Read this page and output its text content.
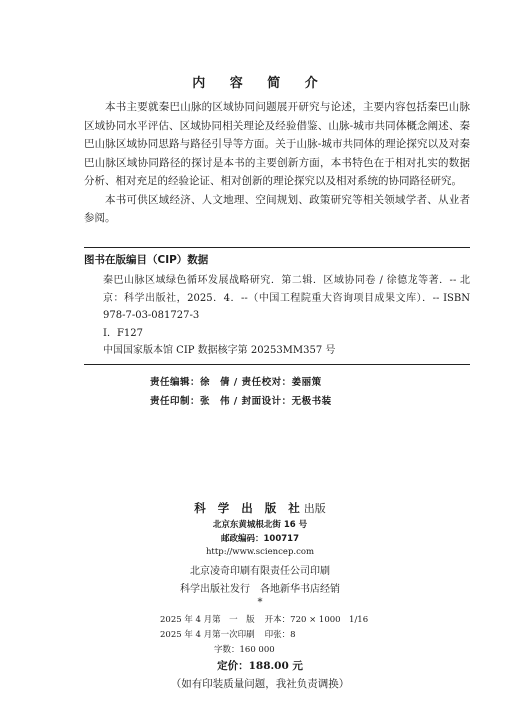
内 容 简 介

本书主要就秦巴山脉的区域协同问题展开研究与论述，主要内容包括秦巴山脉区域协同水平评估、区域协同相关理论及经验借鉴、山脉-城市共同体概念阐述、秦巴山脉区域协同思路与路径引导等方面。关于山脉-城市共同体的理论探究以及对秦巴山脉区域协同路径的探讨是本书的主要创新方面，本书特色在于相对扎实的数据分析、相对充足的经验论证、相对创新的理论探究以及相对系统的协同路径研究。

本书可供区域经济、人文地理、空间规划、政策研究等相关领域学者、从业者参阅。

图书在版编目（CIP）数据
秦巴山脉区域绿色循环发展战略研究．第二辑．区域协同卷 / 徐德龙等著．-- 北京：科学出版社，2025．4．--（中国工程院重大咨询项目成果文库）．-- ISBN 978-7-03-081727-3
Ⅰ．F127
中国国家版本馆 CIP 数据核字第 20253MM357 号
责任编辑：徐　倩 / 责任校对：姜丽策
责任印制：张　伟 / 封面设计：无极书装
科 学 出 版 社出版
北京东黄城根北街 16 号
邮政编码：100717
http://www.sciencep.com
北京凌奇印刷有限责任公司印刷
科学出版社发行　各地新华书店经销
*
2025 年 4 月第　一　版 开本：720 × 1000　1/16
2025 年 4 月第一次印刷 印张：8
字数：160 000
定价：188.00 元
（如有印装质量问题，我社负责调换）
